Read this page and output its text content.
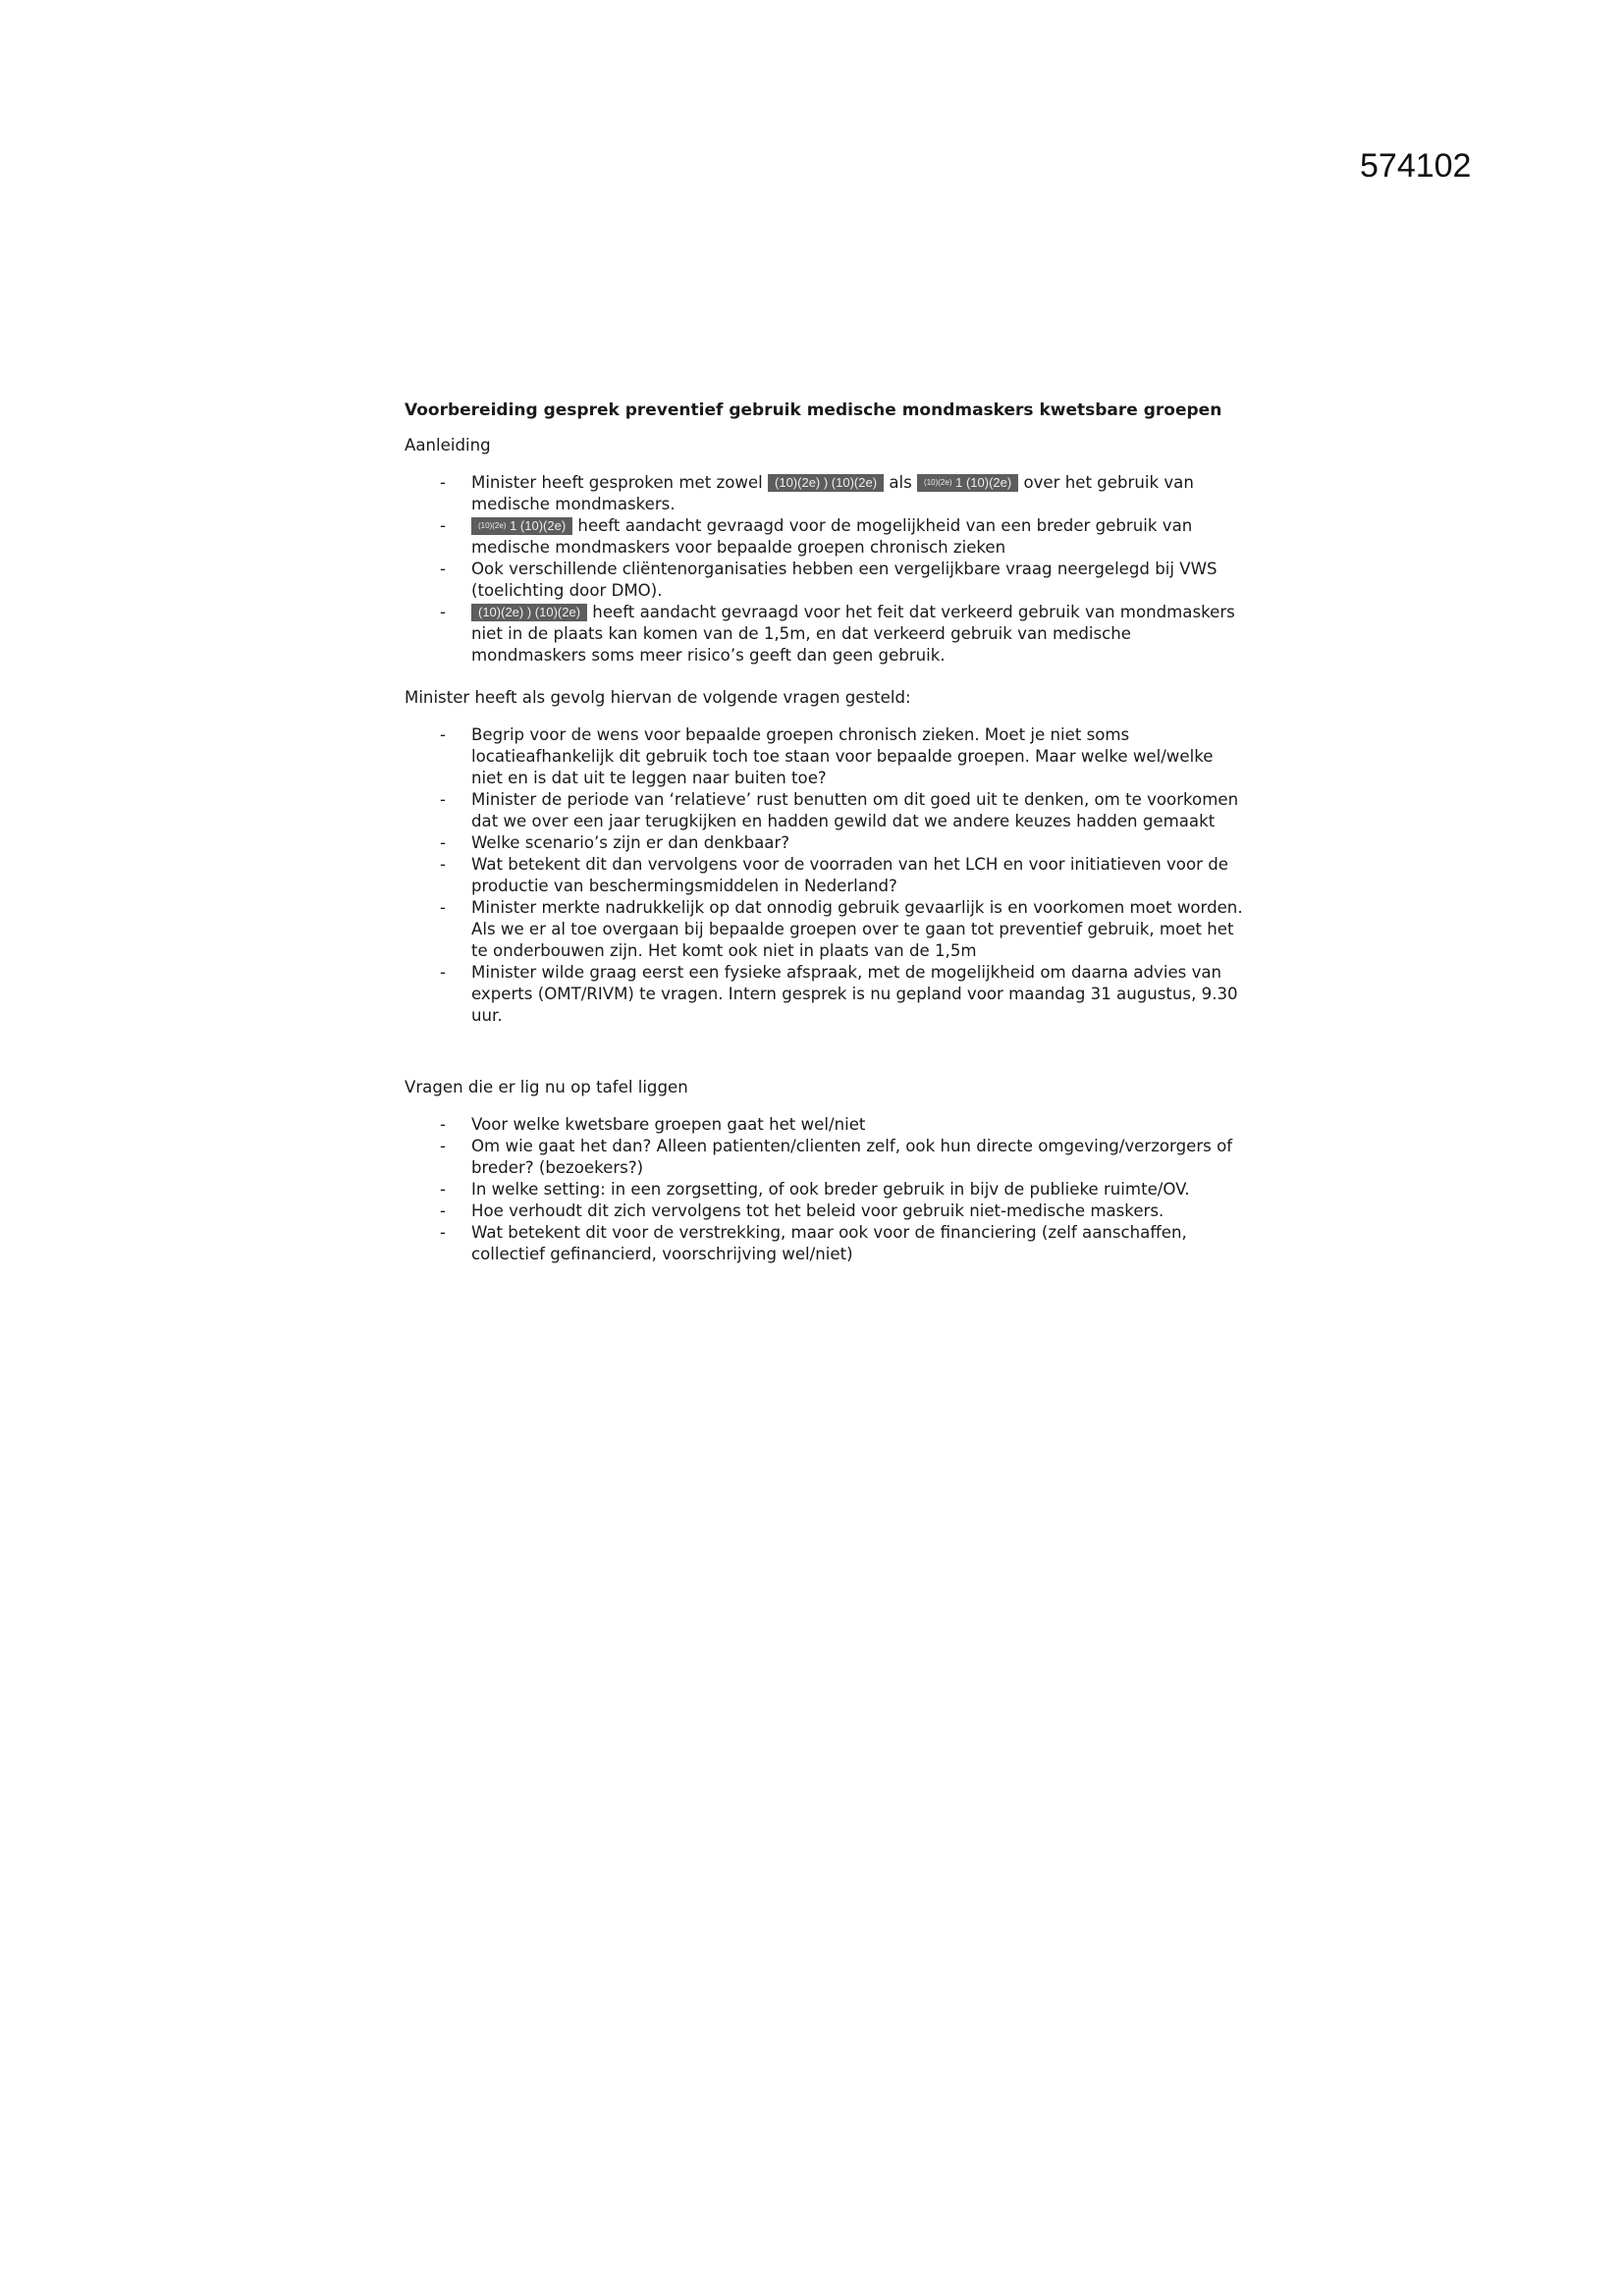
574102
Voorbereiding gesprek preventief gebruik medische mondmaskers kwetsbare groepen
Aanleiding
- Minister heeft gesproken met zowel (10)(2e) ) (10)(2e) als (10)(2e) 1 (10)(2e) over het gebruik van medische mondmaskers.
-	(10)(2e) 1 (10)(2e) heeft aandacht gevraagd voor de mogelijkheid van een breder gebruik van medische mondmaskers voor bepaalde groepen chronisch zieken
- Ook verschillende cliëntenorganisaties hebben een vergelijkbare vraag neergelegd bij VWS (toelichting door DMO).
-	(10)(2e) ) (10)(2e) heeft aandacht gevraagd voor het feit dat verkeerd gebruik van mondmaskers niet in de plaats kan komen van de 1,5m, en dat verkeerd gebruik van medische mondmaskers soms meer risico’s geeft dan geen gebruik.
Minister heeft als gevolg hiervan de volgende vragen gesteld:
- Begrip voor de wens voor bepaalde groepen chronisch zieken. Moet je niet soms locatieafhankelijk dit gebruik toch toe staan voor bepaalde groepen. Maar welke wel/welke niet en is dat uit te leggen naar buiten toe?
- Minister de periode van ‘relatieve’ rust benutten om dit goed uit te denken, om te voorkomen dat we over een jaar terugkijken en hadden gewild dat we andere keuzes hadden gemaakt
- Welke scenario’s zijn er dan denkbaar?
- Wat betekent dit dan vervolgens voor de voorraden van het LCH en voor initiatieven voor de productie van beschermingsmiddelen in Nederland?
- Minister merkte nadrukkelijk op dat onnodig gebruik gevaarlijk is en voorkomen moet worden. Als we er al toe overgaan bij bepaalde groepen over te gaan tot preventief gebruik, moet het te onderbouwen zijn. Het komt ook niet in plaats van de 1,5m
- Minister wilde graag eerst een fysieke afspraak, met de mogelijkheid om daarna advies van experts (OMT/RIVM) te vragen. Intern gesprek is nu gepland voor maandag 31 augustus, 9.30 uur.
Vragen die er lig nu op tafel liggen
- Voor welke kwetsbare groepen gaat het wel/niet
- Om wie gaat het dan? Alleen patienten/clienten zelf, ook hun directe omgeving/verzorgers of breder? (bezoekers?)
- In welke setting: in een zorgsetting, of ook breder gebruik in bijv de publieke ruimte/OV.
- Hoe verhoudt dit zich vervolgens tot het beleid voor gebruik niet-medische maskers.
- Wat betekent dit voor de verstrekking, maar ook voor de financiering (zelf aanschaffen, collectief gefinancierd, voorschrijving wel/niet)
